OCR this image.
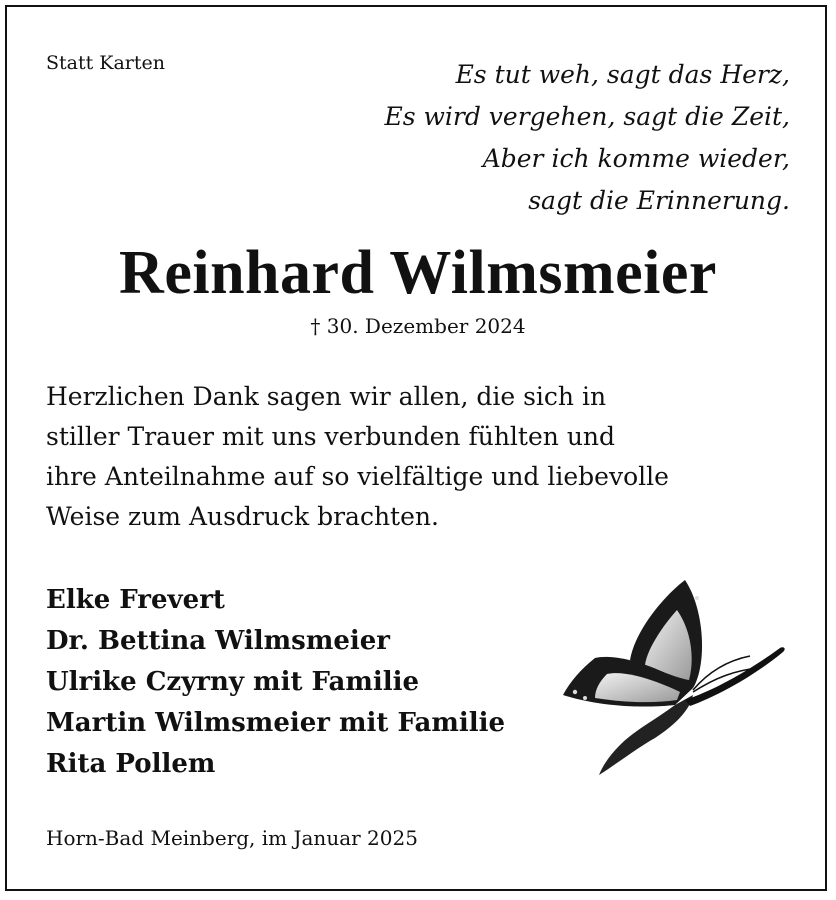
Statt Karten	Es tut weh, sagt das Herz,
Es wird vergehen, sagt die Zeit,
Aber ich komme wieder,
sagt die Erinnerung.
Reinhard Wilmsmeier
† 30. Dezember 2024
Herzlichen Dank sagen wir allen, die sich in
stiller Trauer mit uns verbunden fühlten und
ihre Anteilnahme auf so vielfältige und liebevolle
Weise zum Ausdruck brachten.
Elke Frevert
Dr. Bettina Wilmsmeier
Ulrike Czyrny mit Familie
Martin Wilmsmeier mit Familie
Rita Pollem
Horn-Bad Meinberg, im Januar 2025
